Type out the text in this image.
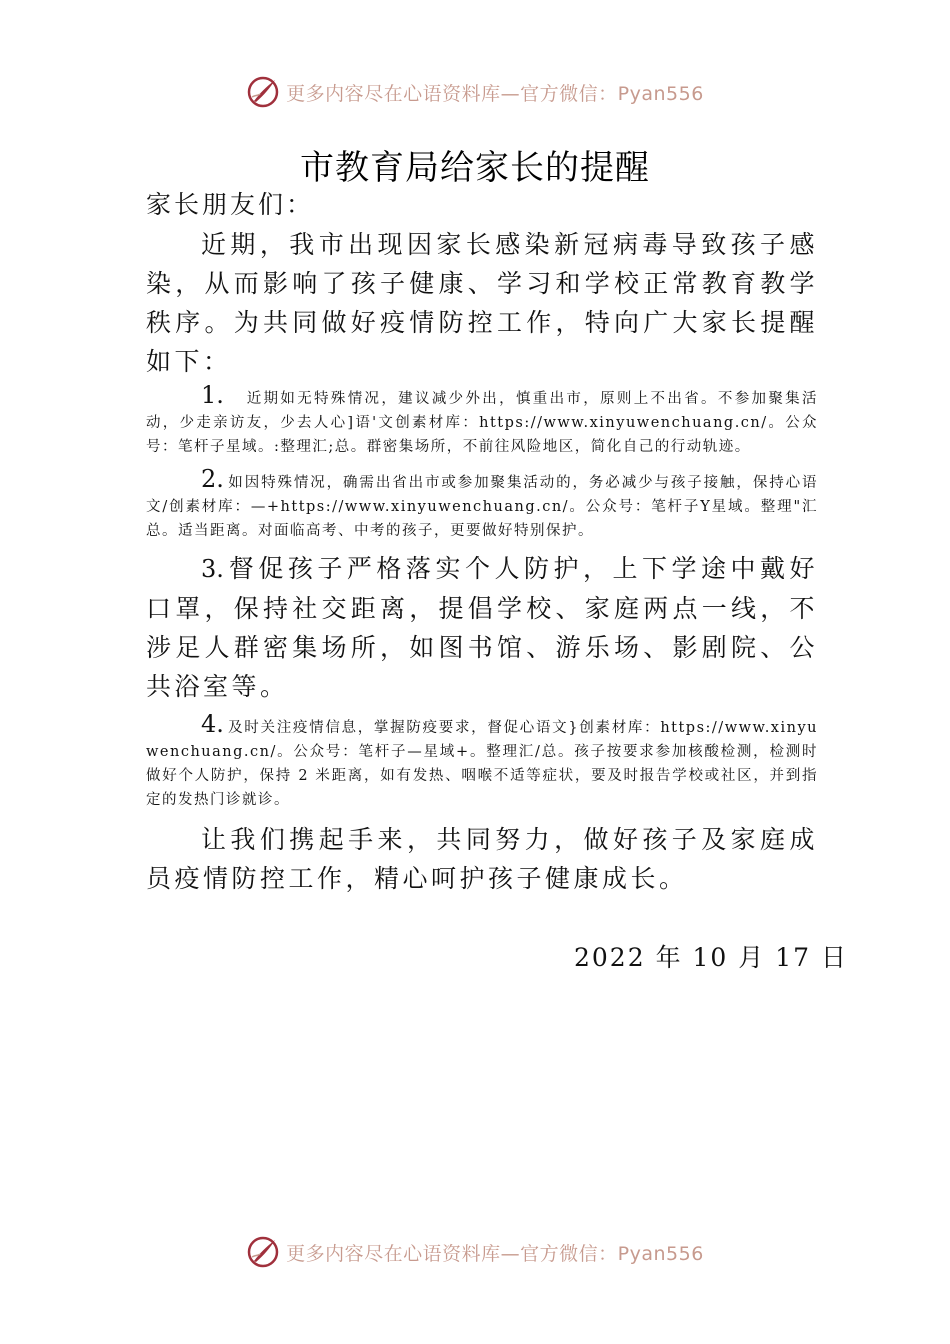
更多内容尽在心语资料库—官方微信：Pyan556
市教育局给家长的提醒

家长朋友们：

近期，我市出现因家长感染新冠病毒导致孩子感染，从而影响了孩子健康、学习和学校正常教育教学秩序。为共同做好疫情防控工作，特向广大家长提醒如下：

1. 近期如无特殊情况，建议减少外出，慎重出市，原则上不出省。不参加聚集活动，少走亲访友，少去人心]语'文创素材库：https://www.xinyuwenchuang.cn/。公众号：笔杆子星域。:整理汇;总。群密集场所，不前往风险地区，简化自己的行动轨迹。

2. 如因特殊情况，确需出省出市或参加聚集活动的，务必减少与孩子接触，保持心语文/创素材库：—+https://www.xinyuwenchuang.cn/。公众号：笔杆子Y星域。整理"汇总。适当距离。对面临高考、中考的孩子，更要做好特别保护。

3. 督促孩子严格落实个人防护，上下学途中戴好口罩，保持社交距离，提倡学校、家庭两点一线，不涉足人群密集场所，如图书馆、游乐场、影剧院、公共浴室等。

4. 及时关注疫情信息，掌握防疫要求，督促心语文}创素材库：https://www.xinyuwenchuang.cn/。公众号：笔杆子—星域+。整理汇/总。孩子按要求参加核酸检测，检测时做好个人防护，保持 2 米距离，如有发热、咽喉不适等症状，要及时报告学校或社区，并到指定的发热门诊就诊。

让我们携起手来，共同努力，做好孩子及家庭成员疫情防控工作，精心呵护孩子健康成长。

2022 年 10 月 17 日
更多内容尽在心语资料库—官方微信：Pyan556
